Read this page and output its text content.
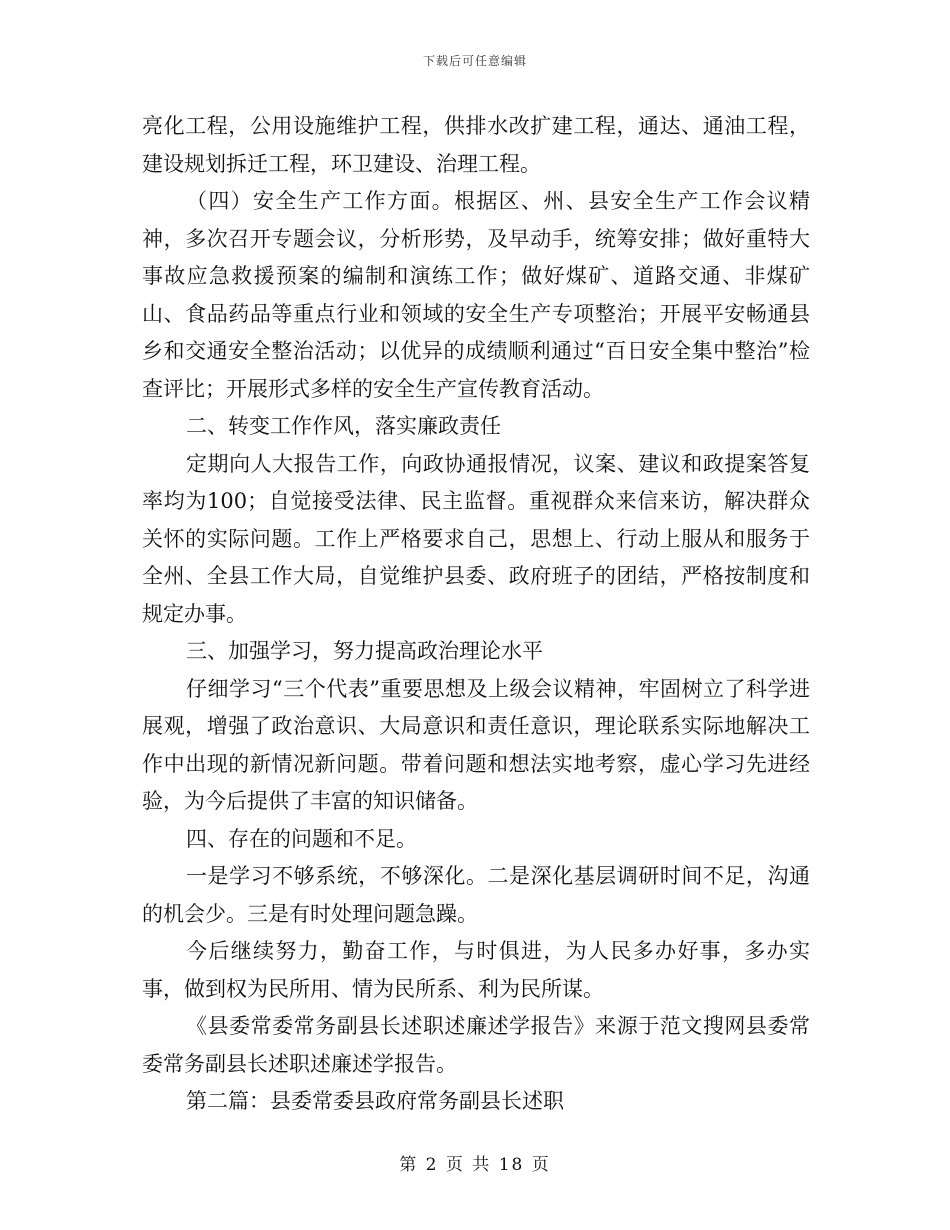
下载后可任意编辑

亮化工程，公用设施维护工程，供排水改扩建工程，通达、通油工程，建设规划拆迁工程，环卫建设、治理工程。

（四）安全生产工作方面。根据区、州、县安全生产工作会议精神，多次召开专题会议，分析形势，及早动手，统筹安排；做好重特大事故应急救援预案的编制和演练工作；做好煤矿、道路交通、非煤矿山、食品药品等重点行业和领域的安全生产专项整治；开展平安畅通县乡和交通安全整治活动；以优异的成绩顺利通过“百日安全集中整治”检查评比；开展形式多样的安全生产宣传教育活动。

二、转变工作作风，落实廉政责任

定期向人大报告工作，向政协通报情况，议案、建议和政提案答复率均为100；自觉接受法律、民主监督。重视群众来信来访，解决群众关怀的实际问题。工作上严格要求自己，思想上、行动上服从和服务于全州、全县工作大局，自觉维护县委、政府班子的团结，严格按制度和规定办事。

三、加强学习，努力提高政治理论水平

仔细学习“三个代表”重要思想及上级会议精神，牢固树立了科学进展观，增强了政治意识、大局意识和责任意识，理论联系实际地解决工作中出现的新情况新问题。带着问题和想法实地考察，虚心学习先进经验，为今后提供了丰富的知识储备。

四、存在的问题和不足。

一是学习不够系统，不够深化。二是深化基层调研时间不足，沟通的机会少。三是有时处理问题急躁。

今后继续努力，勤奋工作，与时俱进，为人民多办好事，多办实事，做到权为民所用、情为民所系、利为民所谋。

《县委常委常务副县长述职述廉述学报告》来源于范文搜网县委常委常务副县长述职述廉述学报告。

第二篇：县委常委县政府常务副县长述职

第 2 页 共 18 页
